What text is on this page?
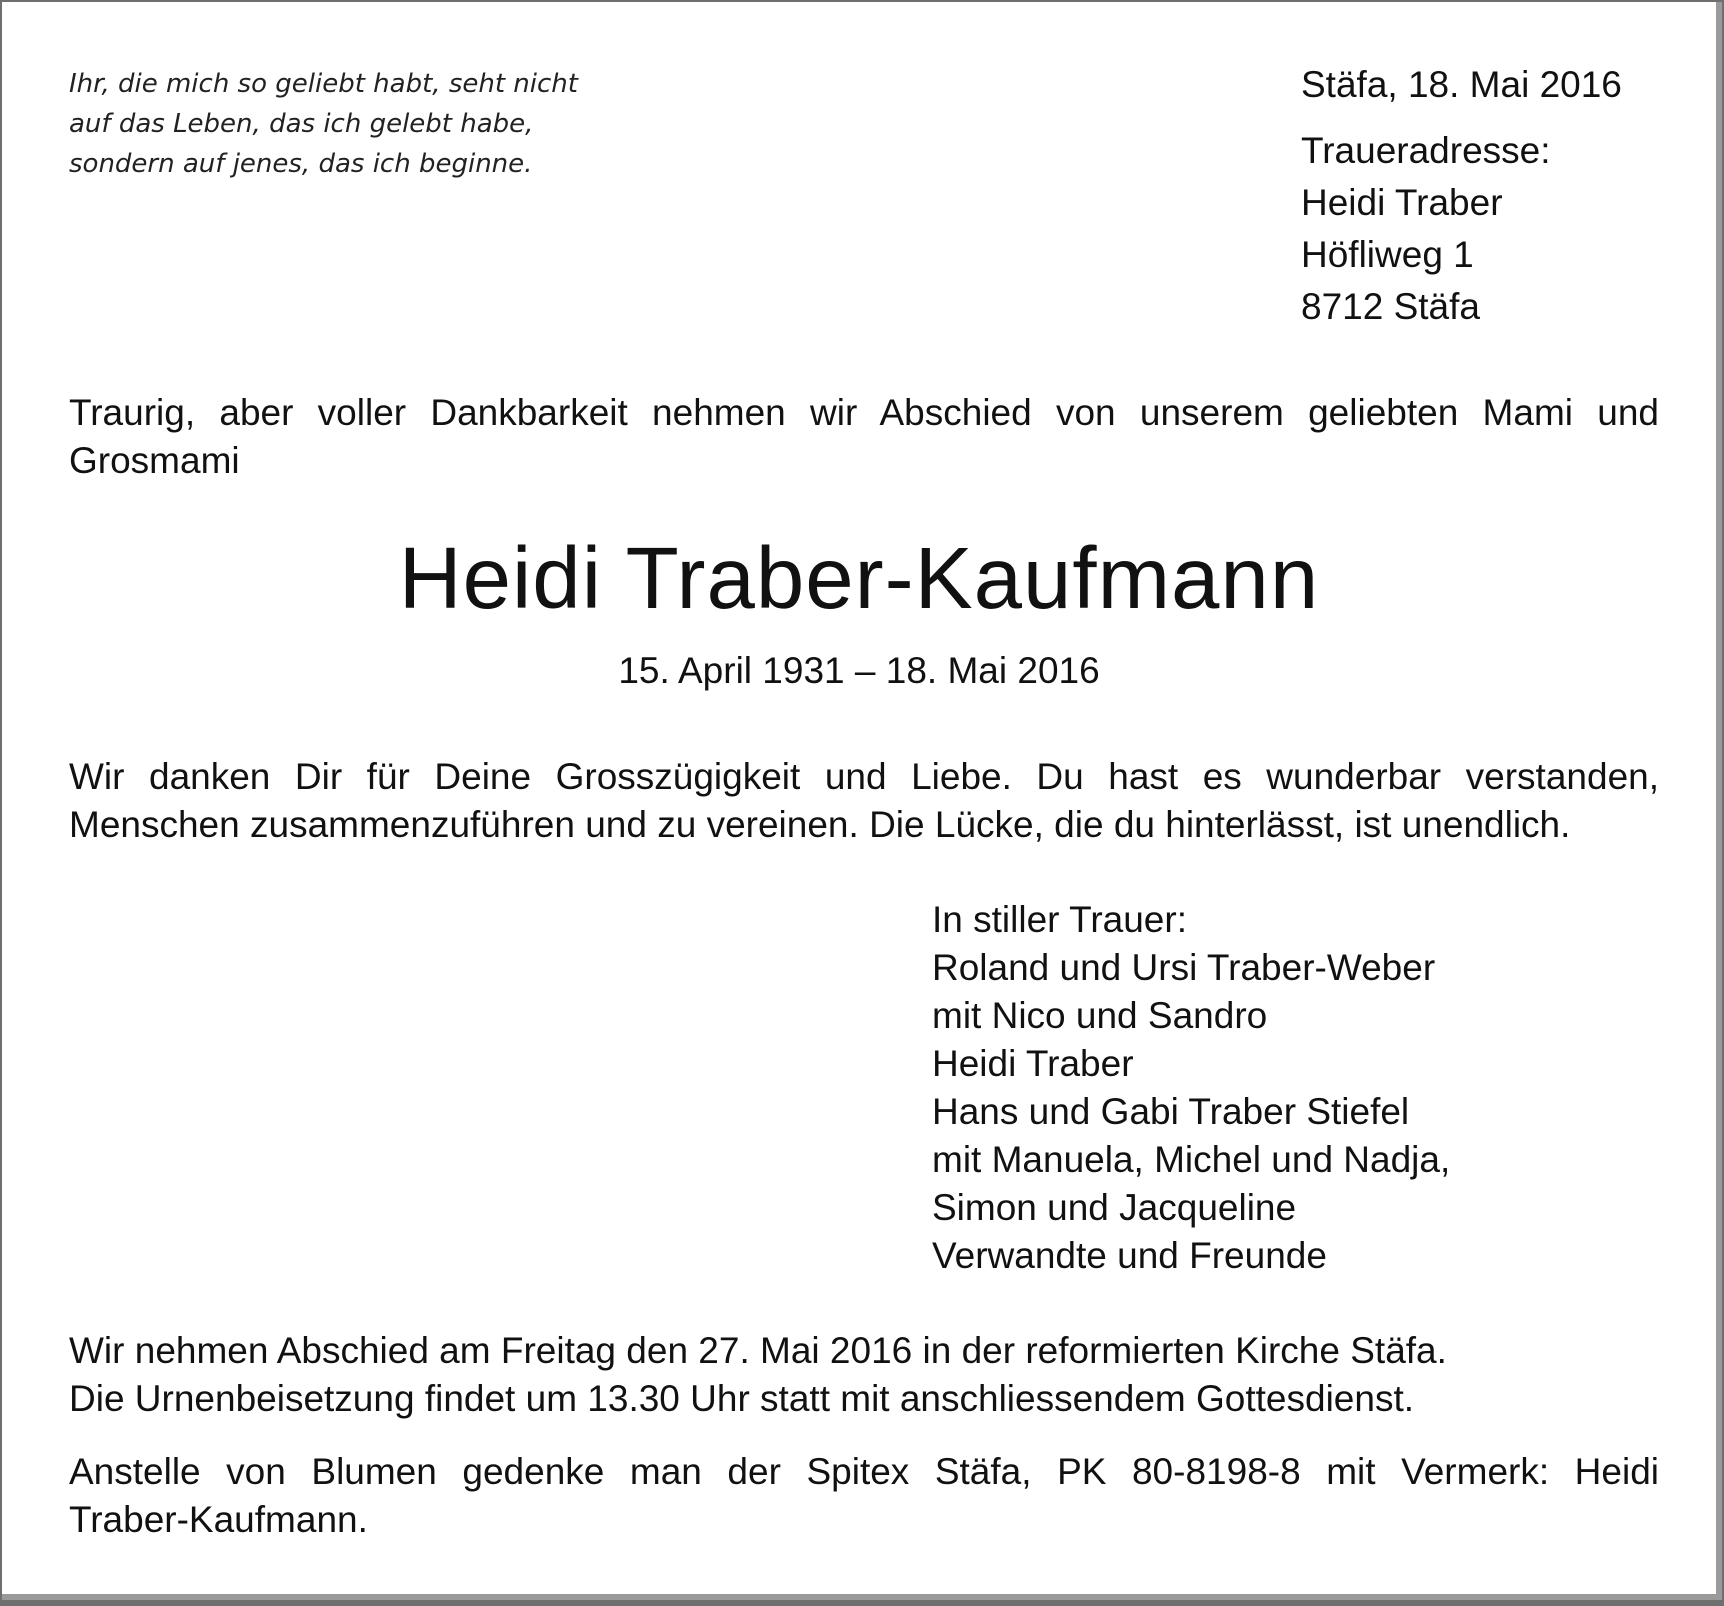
Ihr, die mich so geliebt habt, seht nicht
auf das Leben, das ich gelebt habe,
sondern auf jenes, das ich beginne.
Stäfa, 18. Mai 2016
Traueradresse:
Heidi Traber
Höfliweg 1
8712 Stäfa
Traurig, aber voller Dankbarkeit nehmen wir Abschied von unserem geliebten Mami und
Grosmami
Heidi Traber-Kaufmann
15. April 1931 – 18. Mai 2016
Wir danken Dir für Deine Grosszügigkeit und Liebe. Du hast es wunderbar verstanden,
Menschen zusammenzuführen und zu vereinen. Die Lücke, die du hinterlässt, ist unendlich.
In stiller Trauer:
Roland und Ursi Traber-Weber
mit Nico und Sandro
Heidi Traber
Hans und Gabi Traber Stiefel
mit Manuela, Michel und Nadja,
Simon und Jacqueline
Verwandte und Freunde
Wir nehmen Abschied am Freitag den 27. Mai 2016 in der reformierten Kirche Stäfa.
Die Urnenbeisetzung findet um 13.30 Uhr statt mit anschliessendem Gottesdienst.
Anstelle von Blumen gedenke man der Spitex Stäfa, PK 80-8198-8 mit Vermerk: Heidi
Traber-Kaufmann.
